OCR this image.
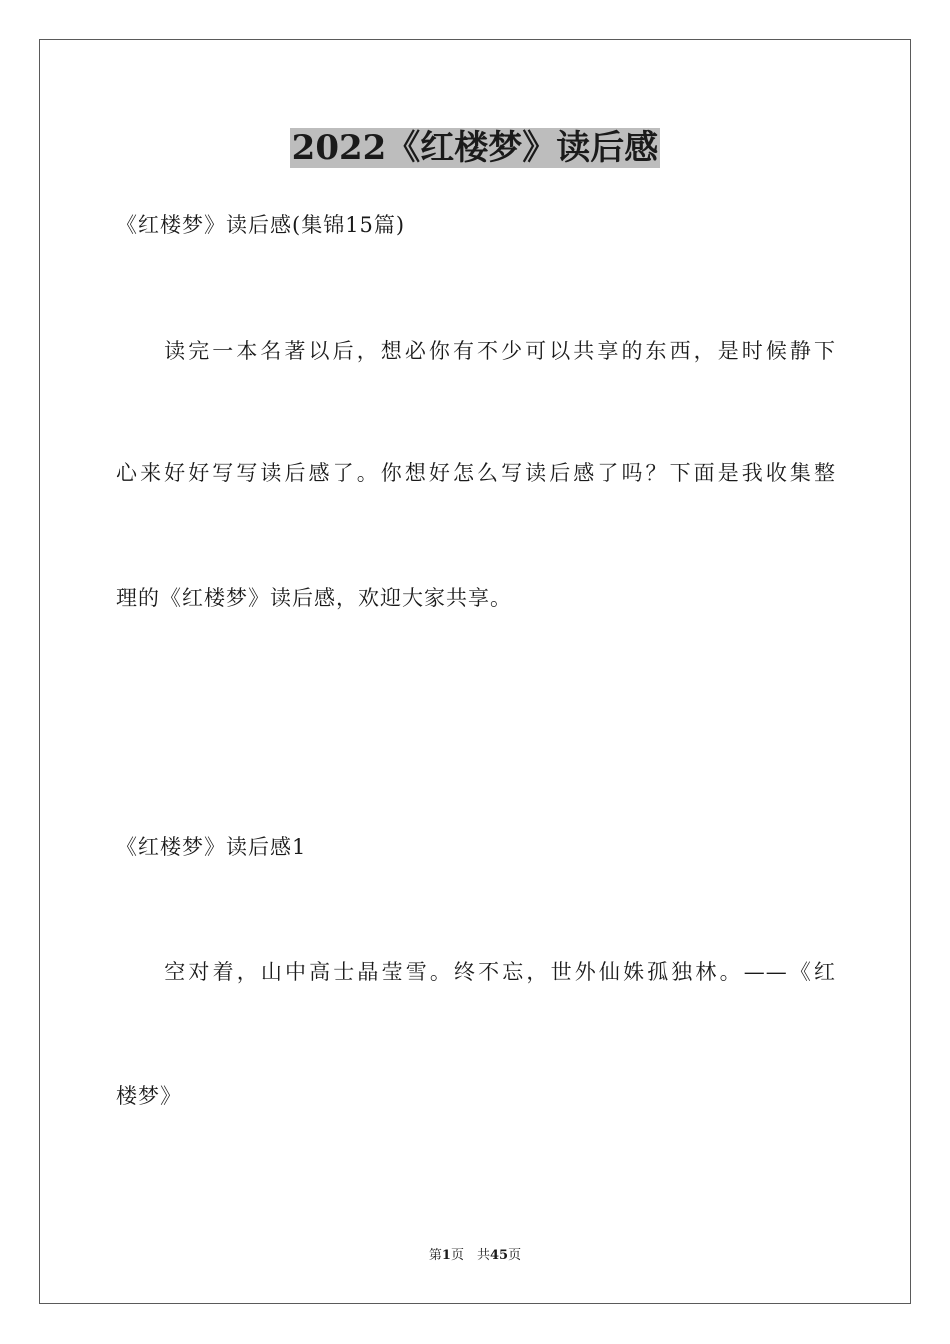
2022《红楼梦》读后感

《红楼梦》读后感(集锦15篇)

　　读完一本名著以后，想必你有不少可以共享的东西，是时候静下

心来好好写写读后感了。你想好怎么写读后感了吗？下面是我收集整

理的《红楼梦》读后感，欢迎大家共享。

《红楼梦》读后感1

　　空对着，山中高士晶莹雪。终不忘，世外仙姝孤独林。——《红

楼梦》

第1页　共45页
